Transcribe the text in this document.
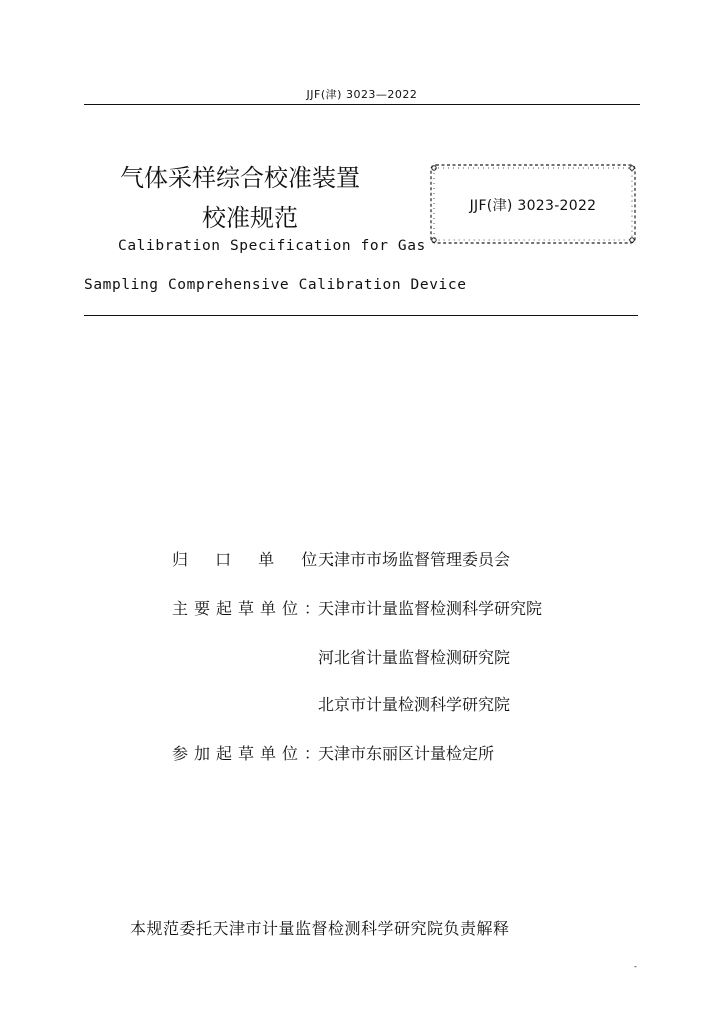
JJF(津) 3023—2022
气体采样综合校准装置
校准规范
Calibration Specification for Gas
Sampling Comprehensive Calibration Device
JJF(津) 3023-2022
归 口 单 位：
天津市市场监督管理委员会
主要起草单位：
天津市计量监督检测科学研究院
河北省计量监督检测研究院
北京市计量检测科学研究院
参加起草单位：
天津市东丽区计量检定所
本规范委托天津市计量监督检测科学研究院负责解释
-
